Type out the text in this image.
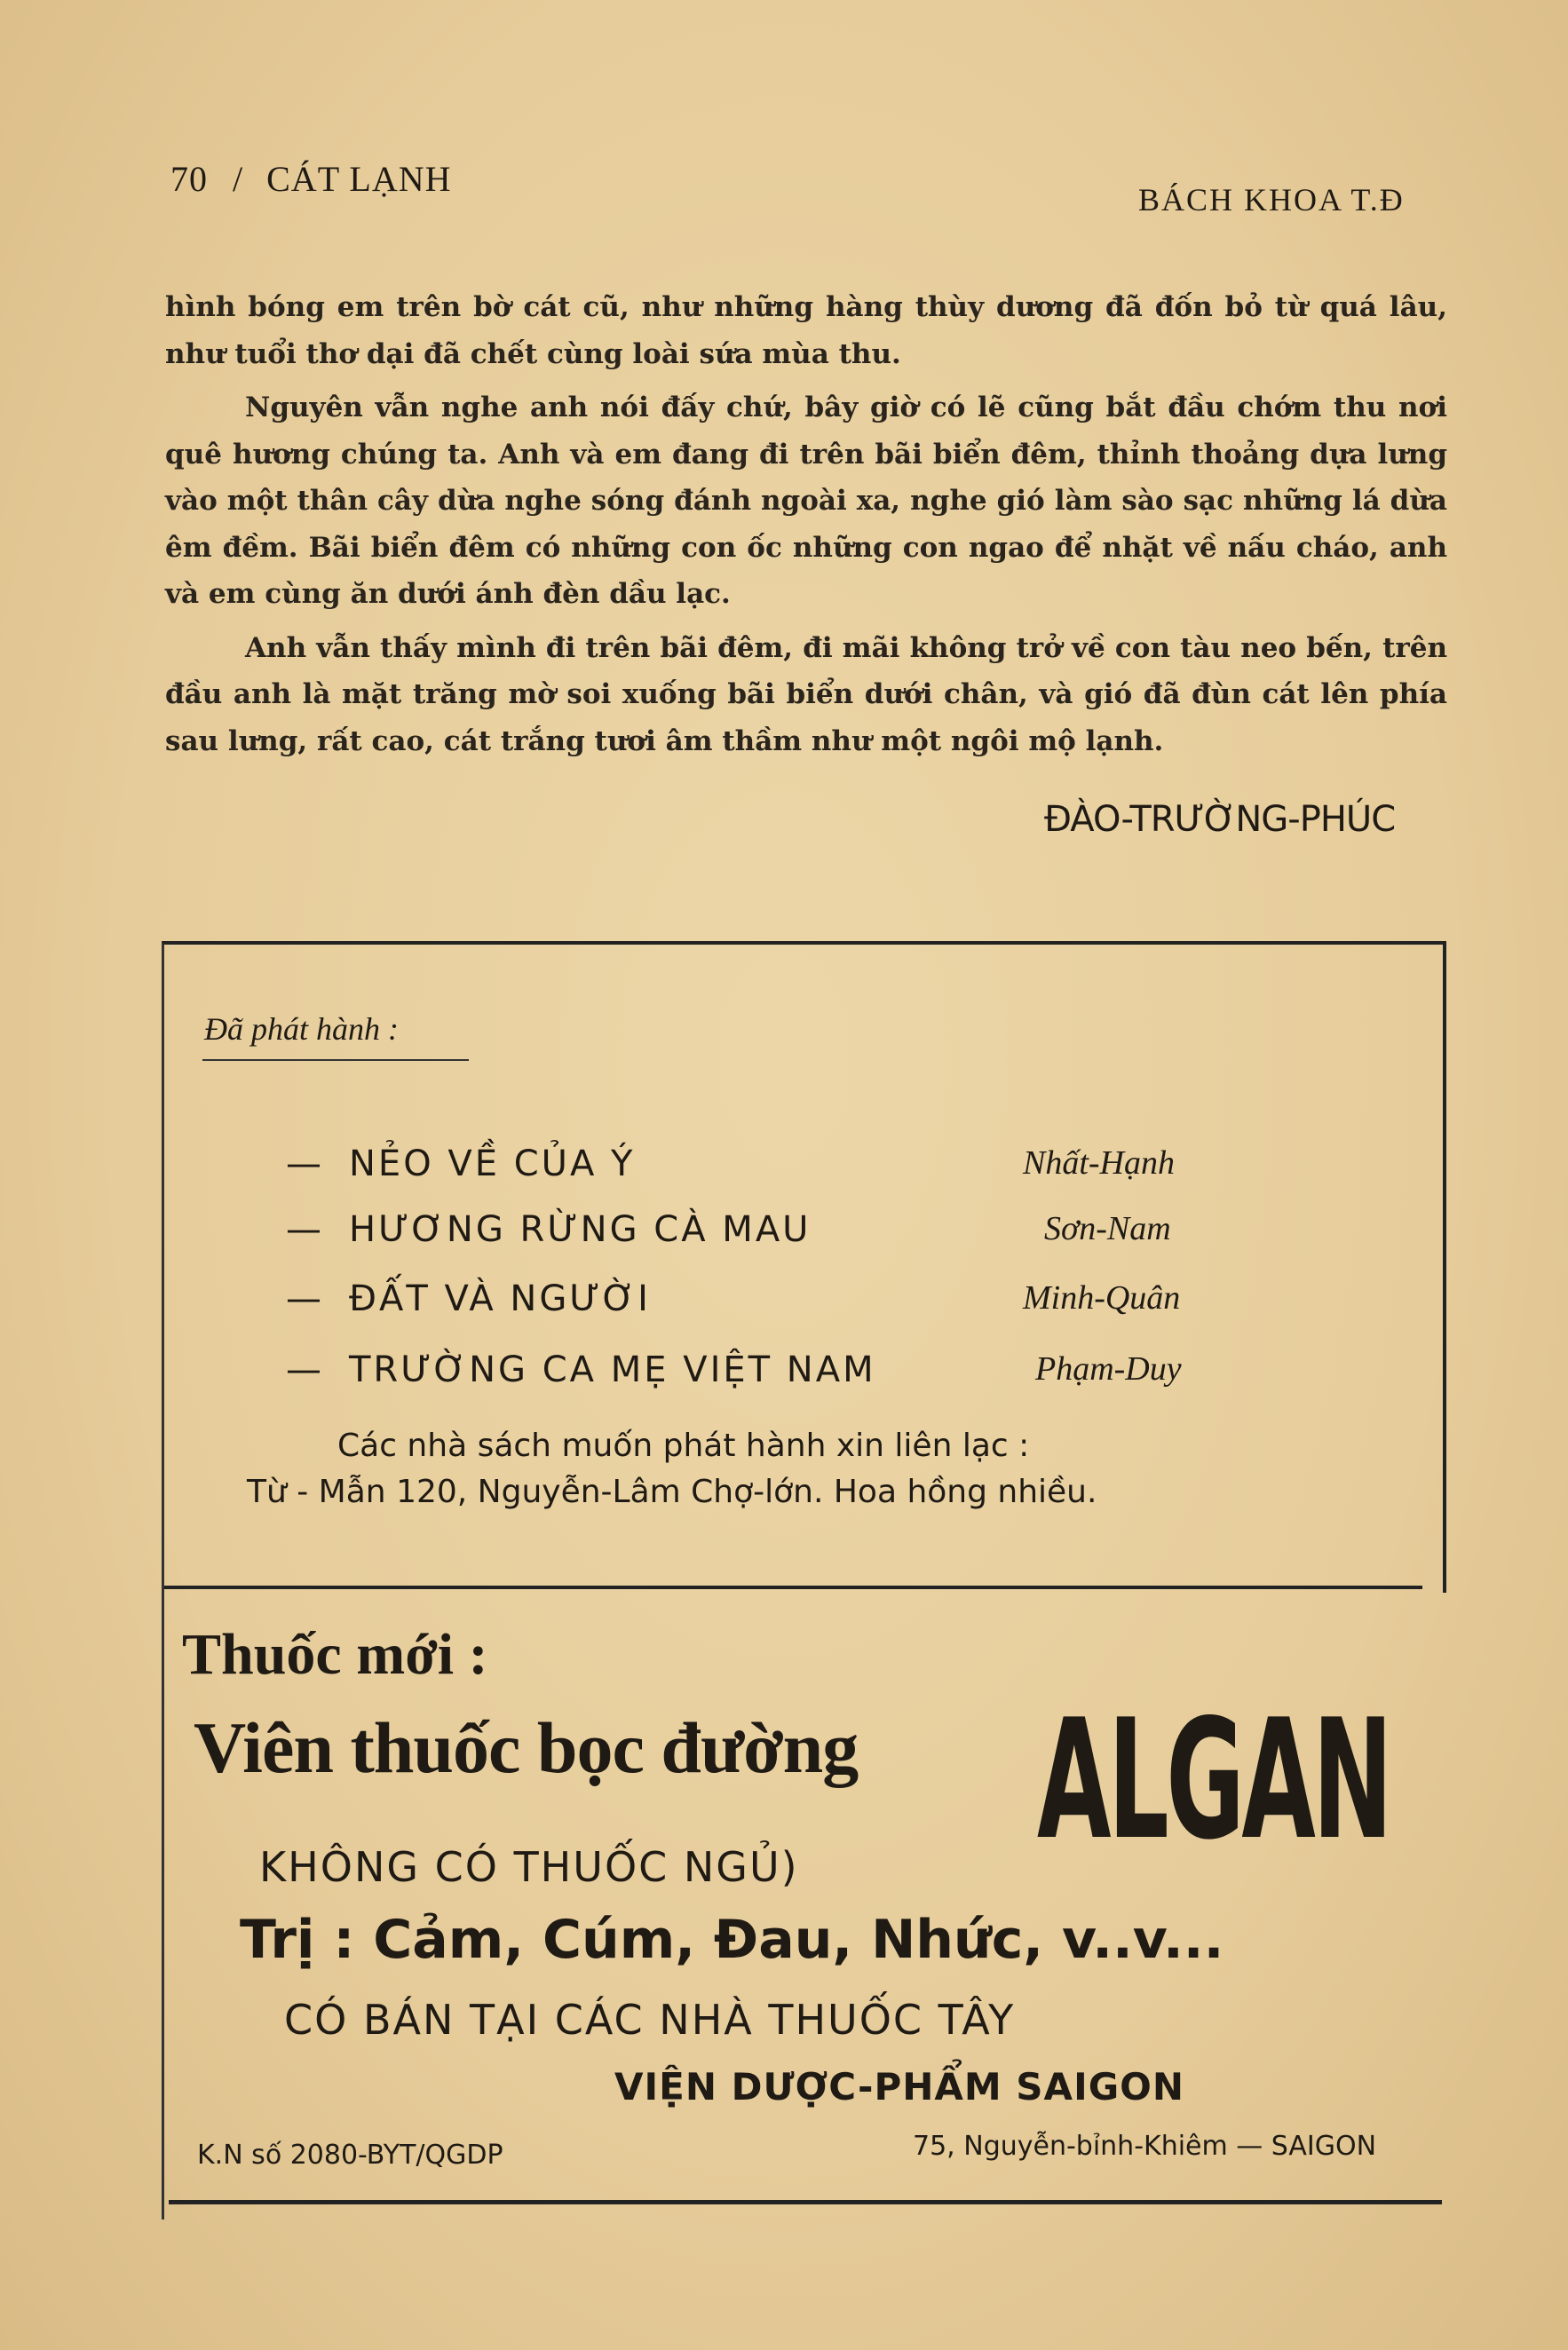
70 / CÁT LẠNH
BÁCH KHOA T.Đ

hình bóng em trên bờ cát cũ, như những hàng thùy dương đã đốn bỏ từ quá lâu, như tuổi thơ dại đã chết cùng loài sứa mùa thu.

Nguyên vẫn nghe anh nói đấy chứ, bây giờ có lẽ cũng bắt đầu chớm thu nơi quê hương chúng ta. Anh và em đang đi trên bãi biển đêm, thỉnh thoảng dựa lưng vào một thân cây dừa nghe sóng đánh ngoài xa, nghe gió làm sào sạc những lá dừa êm đềm. Bãi biển đêm có những con ốc những con ngao để nhặt về nấu cháo, anh và em cùng ăn dưới ánh đèn dầu lạc.

Anh vẫn thấy mình đi trên bãi đêm, đi mãi không trở về con tàu neo bến, trên đầu anh là mặt trăng mờ soi xuống bãi biển dưới chân, và gió đã đùn cát lên phía sau lưng, rất cao, cát trắng tươi âm thầm như một ngôi mộ lạnh.

ĐÀO-TRƯỜNG-PHÚC
Đã phát hành :
— NẺO VỀ CỦA Ý	Nhất-Hạnh
— HƯƠNG RỪNG CÀ MAU	Sơn-Nam
— ĐẤT VÀ NGƯỜI	Minh-Quân
— TRƯỜNG CA MẸ VIỆT NAM	Phạm-Duy
Các nhà sách muốn phát hành xin liên lạc :
Từ - Mẫn 120, Nguyễn-Lâm Chợ-lớn. Hoa hồng nhiều.
Thuốc mới :
Viên thuốc bọc đường ALGAN
KHÔNG CÓ THUỐC NGỦ)
Trị : Cảm, Cúm, Đau, Nhức, v..v...
CÓ BÁN TẠI CÁC NHÀ THUỐC TÂY
VIỆN DƯỢC-PHẨM SAIGON
K.N số 2080-BYT/QGDP	75, Nguyễn-bỉnh-Khiêm — SAIGON
